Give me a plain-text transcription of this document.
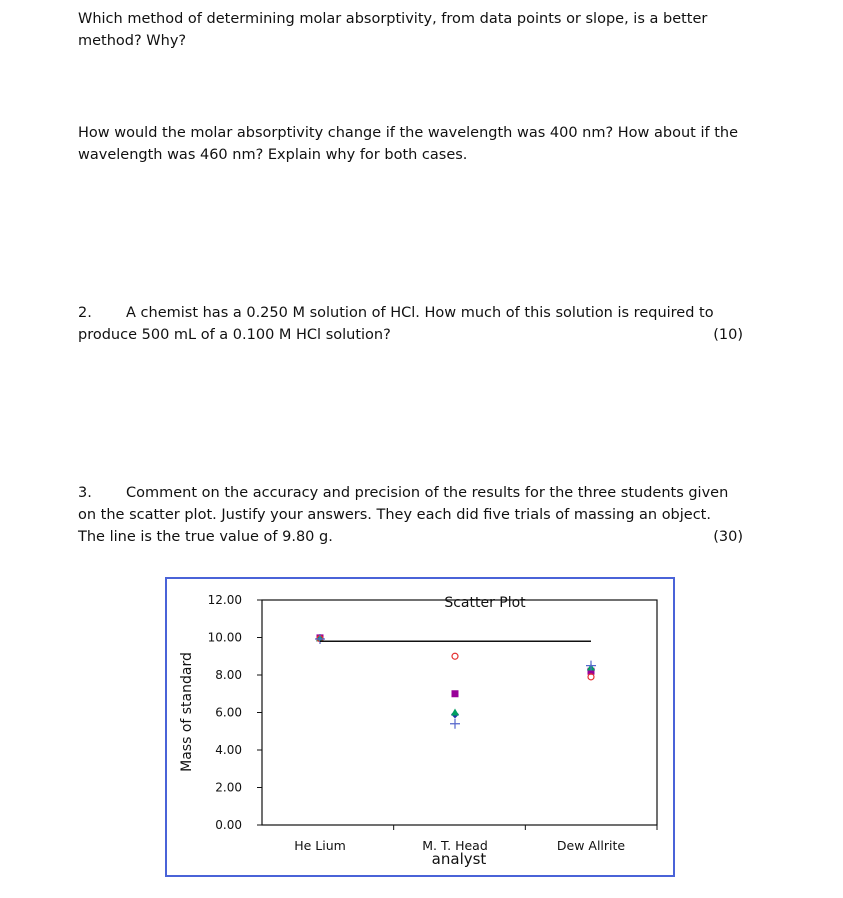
Which method of determining molar absorptivity, from data points or slope, is a better

method? Why?

How would the molar absorptivity change if the wavelength was 400 nm? How about if the

wavelength was 460 nm? Explain why for both cases.

2. A chemist has a 0.250 M solution of HCl. How much of this solution is required to
produce 500 mL of a 0.100 M HCl solution?	(10)
3. Comment on the accuracy and precision of the results for the three students given
on the scatter plot. Justify your answers. They each did five trials of massing an object.
The line is the true value of 9.80 g.	(30)
0.00
2.00
4.00
6.00
8.00
10.00
12.00
He Lium	M. T. Head	Dew Allrite
Scatter Plot
analyst
Mass of standard
